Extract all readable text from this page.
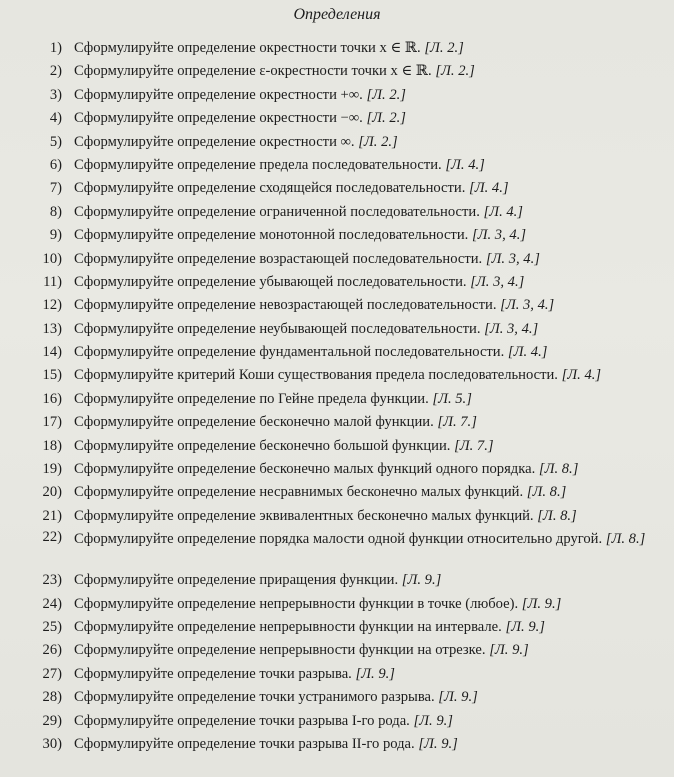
Определения
1) Сформулируйте определение окрестности точки x ∈ ℝ. [Л. 2.]
2) Сформулируйте определение ε-окрестности точки x ∈ ℝ. [Л. 2.]
3) Сформулируйте определение окрестности +∞. [Л. 2.]
4) Сформулируйте определение окрестности −∞. [Л. 2.]
5) Сформулируйте определение окрестности ∞. [Л. 2.]
6) Сформулируйте определение предела последовательности. [Л. 4.]
7) Сформулируйте определение сходящейся последовательности. [Л. 4.]
8) Сформулируйте определение ограниченной последовательности. [Л. 4.]
9) Сформулируйте определение монотонной последовательности. [Л. 3, 4.]
10) Сформулируйте определение возрастающей последовательности. [Л. 3, 4.]
11) Сформулируйте определение убывающей последовательности. [Л. 3, 4.]
12) Сформулируйте определение невозрастающей последовательности. [Л. 3, 4.]
13) Сформулируйте определение неубывающей последовательности. [Л. 3, 4.]
14) Сформулируйте определение фундаментальной последовательности. [Л. 4.]
15) Сформулируйте критерий Коши существования предела последовательности. [Л. 4.]
16) Сформулируйте определение по Гейне предела функции. [Л. 5.]
17) Сформулируйте определение бесконечно малой функции. [Л. 7.]
18) Сформулируйте определение бесконечно большой функции. [Л. 7.]
19) Сформулируйте определение бесконечно малых функций одного порядка. [Л. 8.]
20) Сформулируйте определение несравнимых бесконечно малых функций. [Л. 8.]
21) Сформулируйте определение эквивалентных бесконечно малых функций. [Л. 8.]
22) Сформулируйте определение порядка малости одной функции относительно другой. [Л. 8.]
23) Сформулируйте определение приращения функции. [Л. 9.]
24) Сформулируйте определение непрерывности функции в точке (любое). [Л. 9.]
25) Сформулируйте определение непрерывности функции на интервале. [Л. 9.]
26) Сформулируйте определение непрерывности функции на отрезке. [Л. 9.]
27) Сформулируйте определение точки разрыва. [Л. 9.]
28) Сформулируйте определение точки устранимого разрыва. [Л. 9.]
29) Сформулируйте определение точки разрыва I-го рода. [Л. 9.]
30) Сформулируйте определение точки разрыва II-го рода. [Л. 9.]
